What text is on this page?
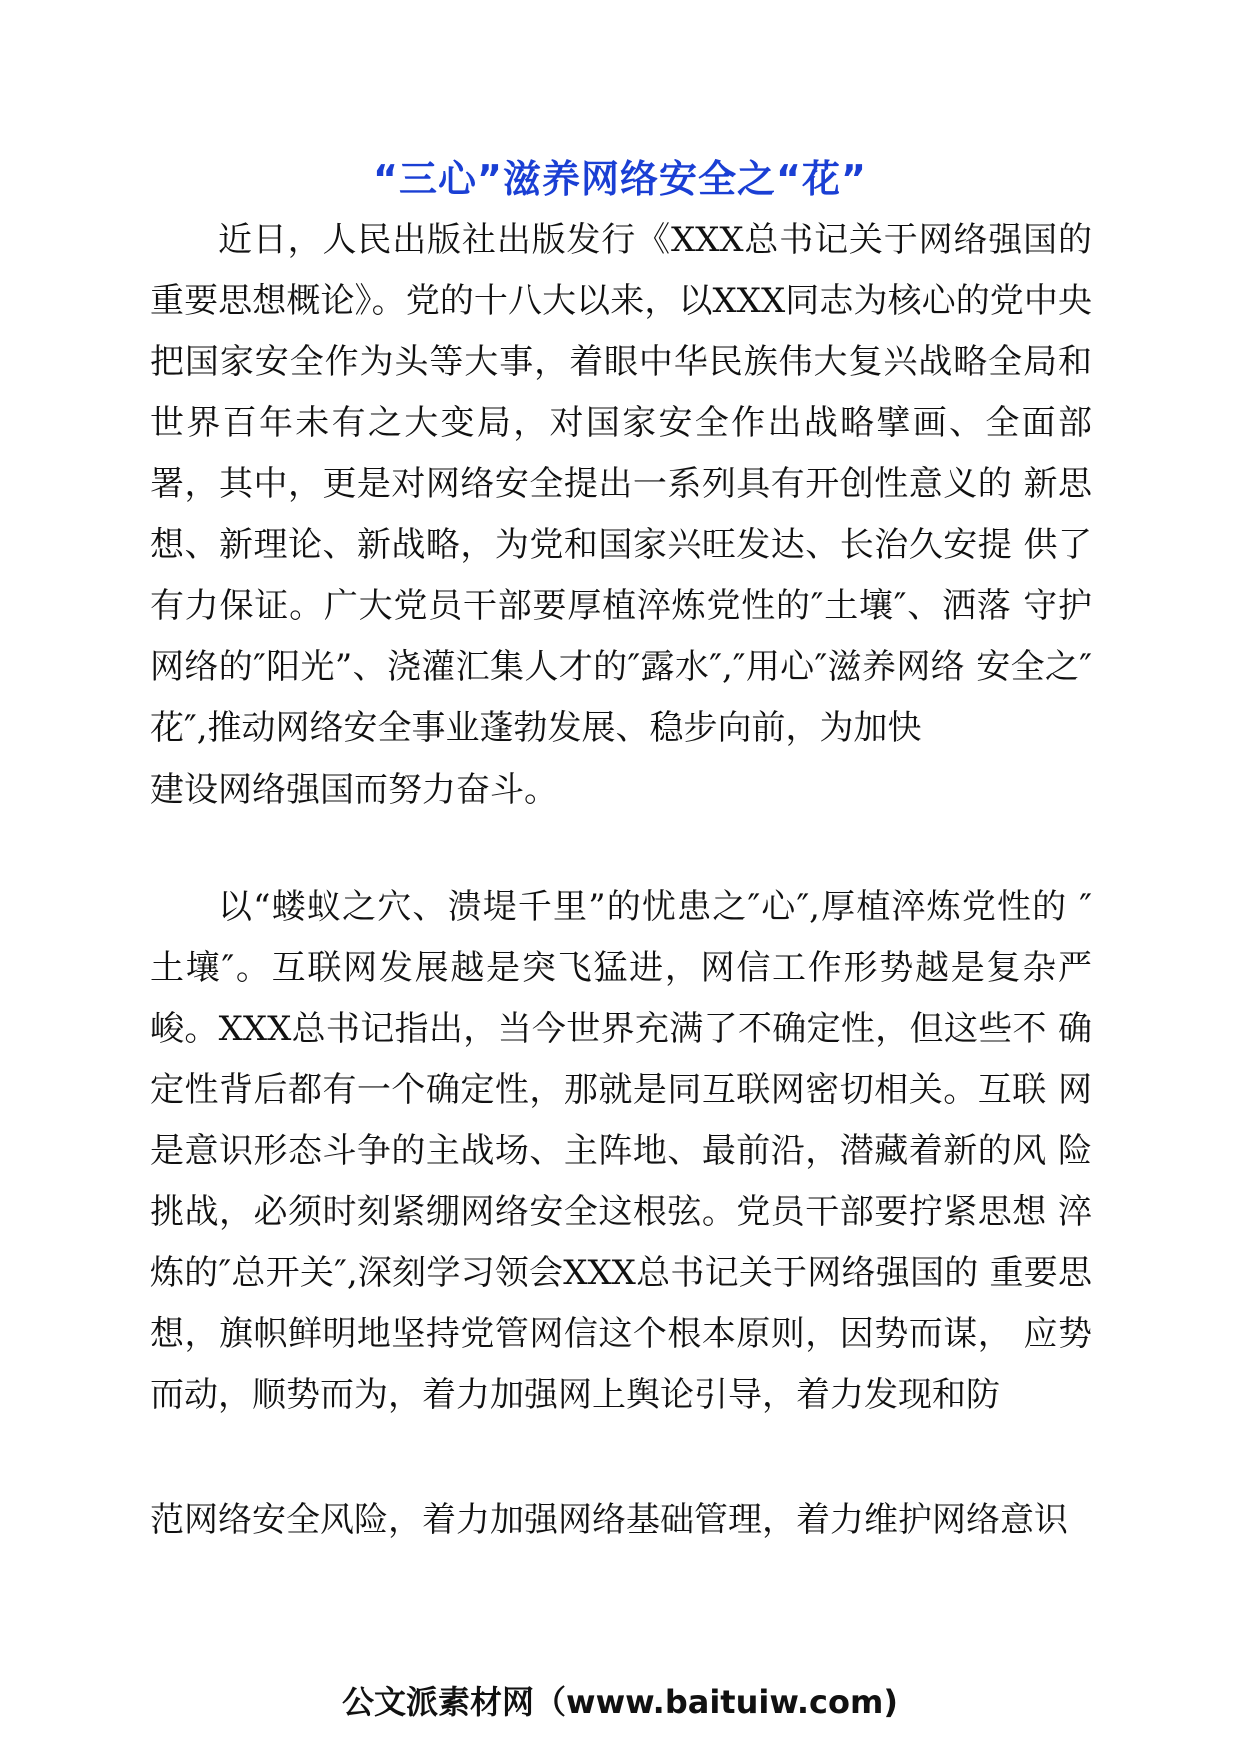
“三心”滋养网络安全之“花”

近日，人民出版社出版发行《XXX总书记关于网络强国的重要思想概论》。党的十八大以来，以XXX同志为核心的党中央把国家安全作为头等大事，着眼中华民族伟大复兴战略全局和世界百年未有之大变局，对国家安全作出战略擘画、全面部署，其中，更是对网络安全提出一系列具有开创性意义的 新思想、新理论、新战略，为党和国家兴旺发达、长治久安提 供了有力保证。广大党员干部要厚植淬炼党性的″土壤″、洒落 守护网络的″阳光”、浇灌汇集人才的″露水″,″用心″滋养网络 安全之″花″,推动网络安全事业蓬勃发展、稳步向前，为加快

建设网络强国而努力奋斗。

以“蝼蚁之穴、溃堤千里”的忧患之″心″,厚植淬炼党性的 ″土壤″。互联网发展越是突飞猛进，网信工作形势越是复杂严 峻。XXX总书记指出，当今世界充满了不确定性，但这些不 确定性背后都有一个确定性，那就是同互联网密切相关。互联 网是意识形态斗争的主战场、主阵地、最前沿，潜藏着新的风 险挑战，必须时刻紧绷网络安全这根弦。党员干部要拧紧思想 淬炼的″总开关″,深刻学习领会XXX总书记关于网络强国的 重要思想，旗帜鲜明地坚持党管网信这个根本原则，因势而谋， 应势而动，顺势而为，着力加强网上舆论引导，着力发现和防

范网络安全风险，着力加强网络基础管理，着力维护网络意识

公文派素材网（www.baituiw.com)
